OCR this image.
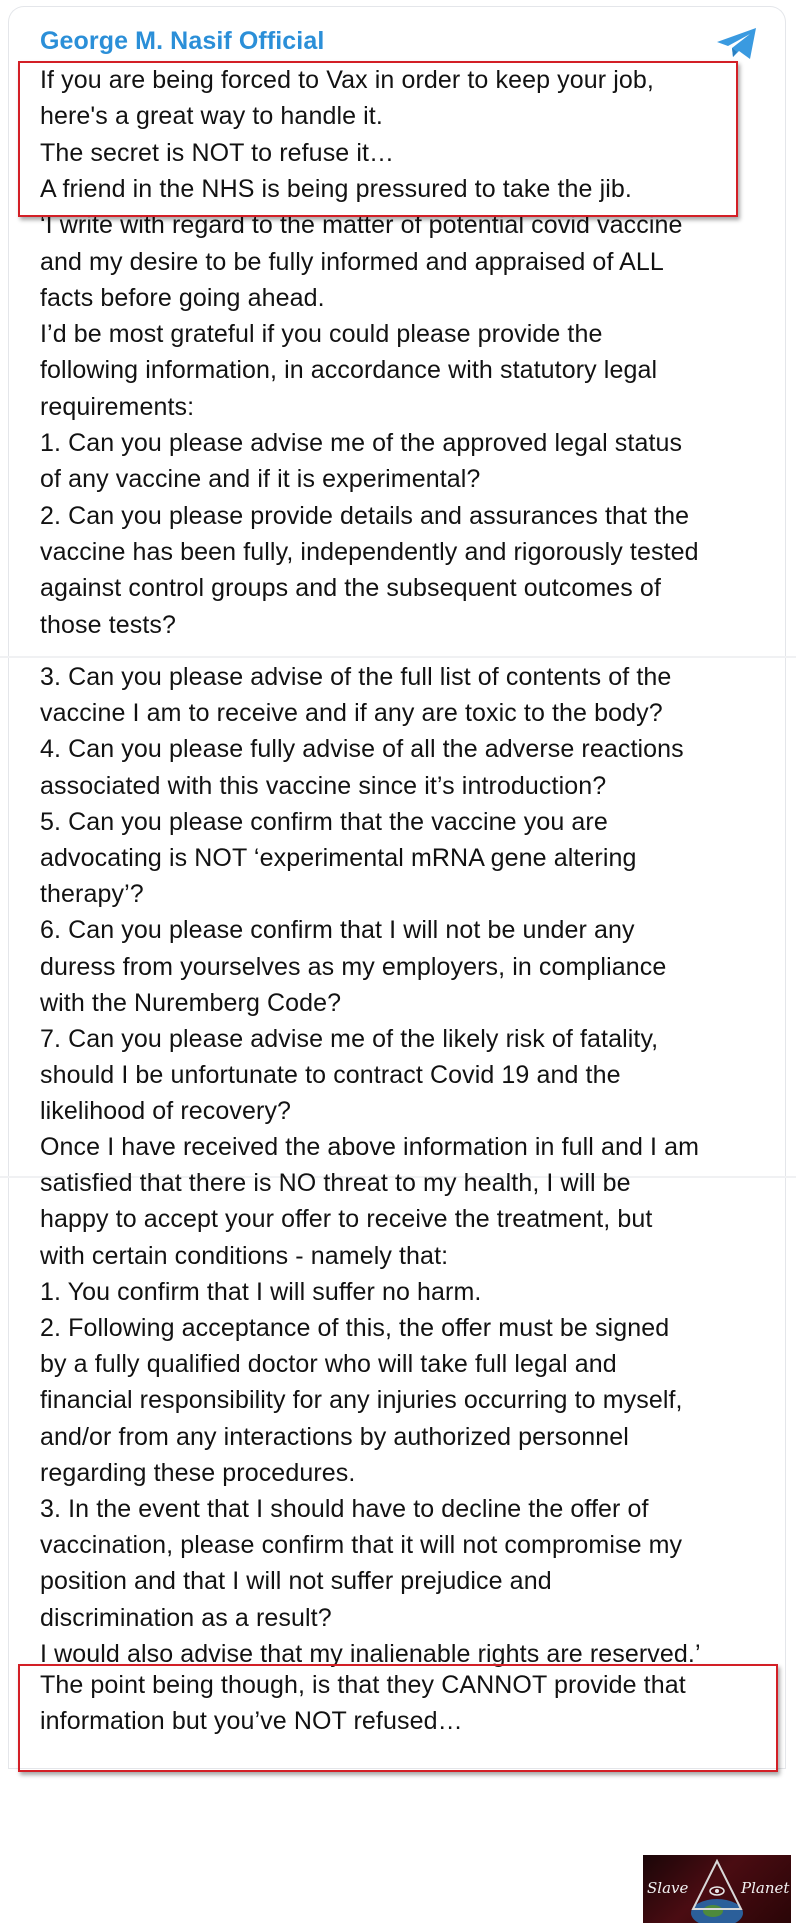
George M. Nasif Official
If you are being forced to Vax in order to keep your job,
here's a great way to handle it.
The secret is NOT to refuse it…
A friend in the NHS is being pressured to take the jib.
‘I write with regard to the matter of potential covid vaccine
and my desire to be fully informed and appraised of ALL
facts before going ahead.
I’d be most grateful if you could please provide the
following information, in accordance with statutory legal
requirements:
1. Can you please advise me of the approved legal status
of any vaccine and if it is experimental?
2. Can you please provide details and assurances that the
vaccine has been fully, independently and rigorously tested
against control groups and the subsequent outcomes of
those tests?
3. Can you please advise of the full list of contents of the
vaccine I am to receive and if any are toxic to the body?
4. Can you please fully advise of all the adverse reactions
associated with this vaccine since it’s introduction?
5. Can you please confirm that the vaccine you are
advocating is NOT ‘experimental mRNA gene altering
therapy’?
6. Can you please confirm that I will not be under any
duress from yourselves as my employers, in compliance
with the Nuremberg Code?
7. Can you please advise me of the likely risk of fatality,
should I be unfortunate to contract Covid 19 and the
likelihood of recovery?
Once I have received the above information in full and I am
satisfied that there is NO threat to my health, I will be
happy to accept your offer to receive the treatment, but
with certain conditions - namely that:
1. You confirm that I will suffer no harm.
2. Following acceptance of this, the offer must be signed
by a fully qualified doctor who will take full legal and
financial responsibility for any injuries occurring to myself,
and/or from any interactions by authorized personnel
regarding these procedures.
3. In the event that I should have to decline the offer of
vaccination, please confirm that it will not compromise my
position and that I will not suffer prejudice and
discrimination as a result?
I would also advise that my inalienable rights are reserved.’
The point being though, is that they CANNOT provide that
information but you’ve NOT refused…
Slave	Planet
